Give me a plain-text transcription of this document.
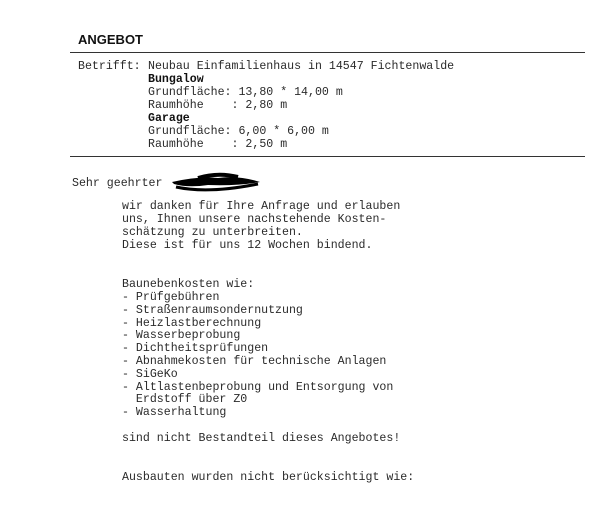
ANGEBOT
Betrifft: Neubau Einfamilienhaus in 14547 Fichtenwalde
Bungalow
Grundfläche: 13,80 * 14,00 m
Raumhöhe    : 2,80 m
Garage
Grundfläche: 6,00 * 6,00 m
Raumhöhe    : 2,50 m
Sehr geehrter
wir danken für Ihre Anfrage und erlauben
uns, Ihnen unsere nachstehende Kosten-
schätzung zu unterbreiten.
Diese ist für uns 12 Wochen bindend.
Baunebenkosten wie:
- Prüfgebühren
- Straßenraumsondernutzung
- Heizlastberechnung
- Wasserbeprobung
- Dichtheitsprüfungen
- Abnahmekosten für technische Anlagen
- SiGeKo
- Altlastenbeprobung und Entsorgung von
Erdstoff über Z0
- Wasserhaltung
sind nicht Bestandteil dieses Angebotes!
Ausbauten wurden nicht berücksichtigt wie:
